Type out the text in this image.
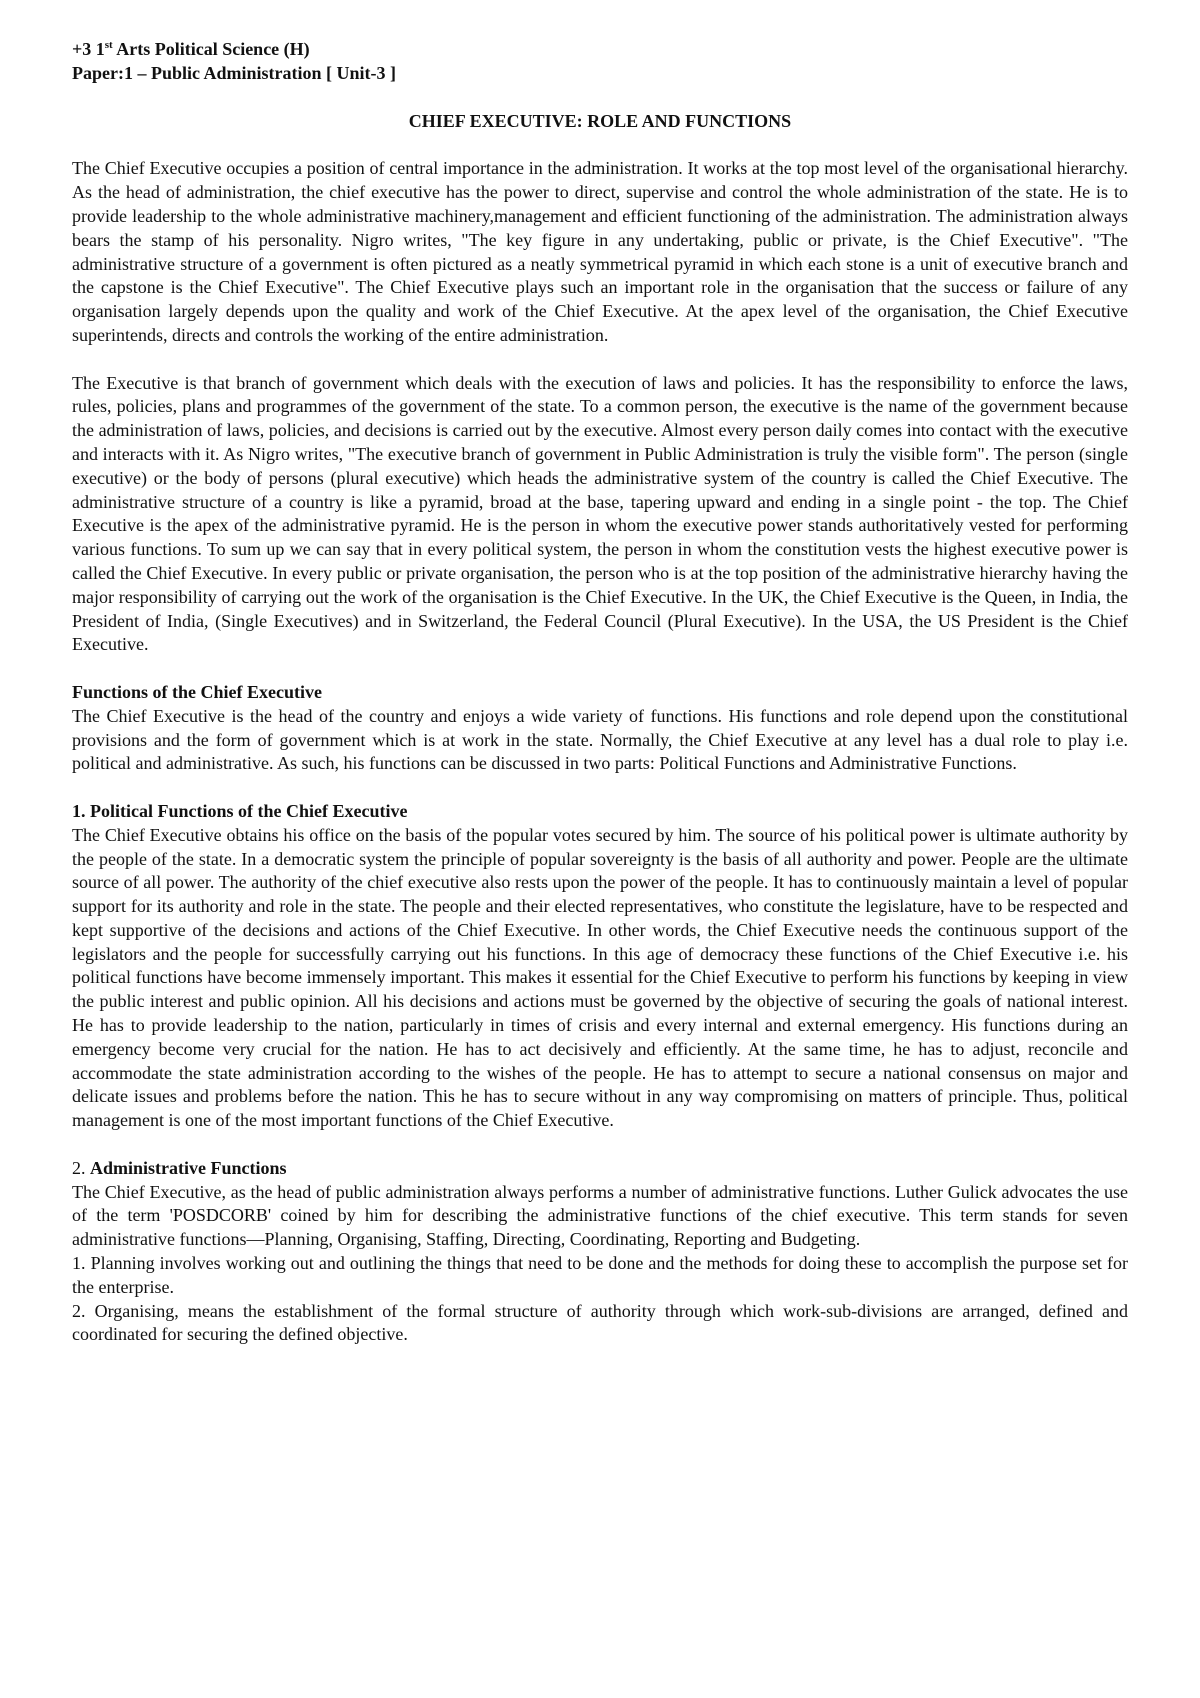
+3 1st Arts Political Science (H)

Paper:1 – Public Administration [ Unit-3 ]

CHIEF EXECUTIVE: ROLE AND FUNCTIONS

The Chief Executive occupies a position of central importance in the administration. It works at the top most level of the organisational hierarchy. As the head of administration, the chief executive has the power to direct, supervise and control the whole administration of the state. He is to provide leadership to the whole administrative machinery,management and efficient functioning of the administration. The administration always bears the stamp of his personality. Nigro writes, "The key figure in any undertaking, public or private, is the Chief Executive". "The administrative structure of a government is often pictured as a neatly symmetrical pyramid in which each stone is a unit of executive branch and the capstone is the Chief Executive". The Chief Executive plays such an important role in the organisation that the success or failure of any organisation largely depends upon the quality and work of the Chief Executive. At the apex level of the organisation, the Chief Executive superintends, directs and controls the working of the entire administration.

The Executive is that branch of government which deals with the execution of laws and policies. It has the responsibility to enforce the laws, rules, policies, plans and programmes of the government of the state. To a common person, the executive is the name of the government because the administration of laws, policies, and decisions is carried out by the executive. Almost every person daily comes into contact with the executive and interacts with it. As Nigro writes, "The executive branch of government in Public Administration is truly the visible form". The person (single executive) or the body of persons (plural executive) which heads the administrative system of the country is called the Chief Executive. The administrative structure of a country is like a pyramid, broad at the base, tapering upward and ending in a single point - the top. The Chief Executive is the apex of the administrative pyramid. He is the person in whom the executive power stands authoritatively vested for performing various functions. To sum up we can say that in every political system, the person in whom the constitution vests the highest executive power is called the Chief Executive. In every public or private organisation, the person who is at the top position of the administrative hierarchy having the major responsibility of carrying out the work of the organisation is the Chief Executive. In the UK, the Chief Executive is the Queen, in India, the President of India, (Single Executives) and in Switzerland, the Federal Council (Plural Executive). In the USA, the US President is the Chief Executive.

Functions of the Chief Executive

The Chief Executive is the head of the country and enjoys a wide variety of functions. His functions and role depend upon the constitutional provisions and the form of government which is at work in the state. Normally, the Chief Executive at any level has a dual role to play i.e. political and administrative. As such, his functions can be discussed in two parts: Political Functions and Administrative Functions.

1. Political Functions of the Chief Executive

The Chief Executive obtains his office on the basis of the popular votes secured by him. The source of his political power is ultimate authority by the people of the state. In a democratic system the principle of popular sovereignty is the basis of all authority and power. People are the ultimate source of all power. The authority of the chief executive also rests upon the power of the people. It has to continuously maintain a level of popular support for its authority and role in the state. The people and their elected representatives, who constitute the legislature, have to be respected and kept supportive of the decisions and actions of the Chief Executive. In other words, the Chief Executive needs the continuous support of the legislators and the people for successfully carrying out his functions. In this age of democracy these functions of the Chief Executive i.e. his political functions have become immensely important. This makes it essential for the Chief Executive to perform his functions by keeping in view the public interest and public opinion. All his decisions and actions must be governed by the objective of securing the goals of national interest. He has to provide leadership to the nation, particularly in times of crisis and every internal and external emergency. His functions during an emergency become very crucial for the nation. He has to act decisively and efficiently. At the same time, he has to adjust, reconcile and accommodate the state administration according to the wishes of the people. He has to attempt to secure a national consensus on major and delicate issues and problems before the nation. This he has to secure without in any way compromising on matters of principle. Thus, political management is one of the most important functions of the Chief Executive.

2. Administrative Functions

The Chief Executive, as the head of public administration always performs a number of administrative functions. Luther Gulick advocates the use of the term 'POSDCORB' coined by him for describing the administrative functions of the chief executive. This term stands for seven administrative functions—Planning, Organising, Staffing, Directing, Coordinating, Reporting and Budgeting.

1. Planning involves working out and outlining the things that need to be done and the methods for doing these to accomplish the purpose set for the enterprise.

2. Organising, means the establishment of the formal structure of authority through which work-sub-divisions are arranged, defined and coordinated for securing the defined objective.
